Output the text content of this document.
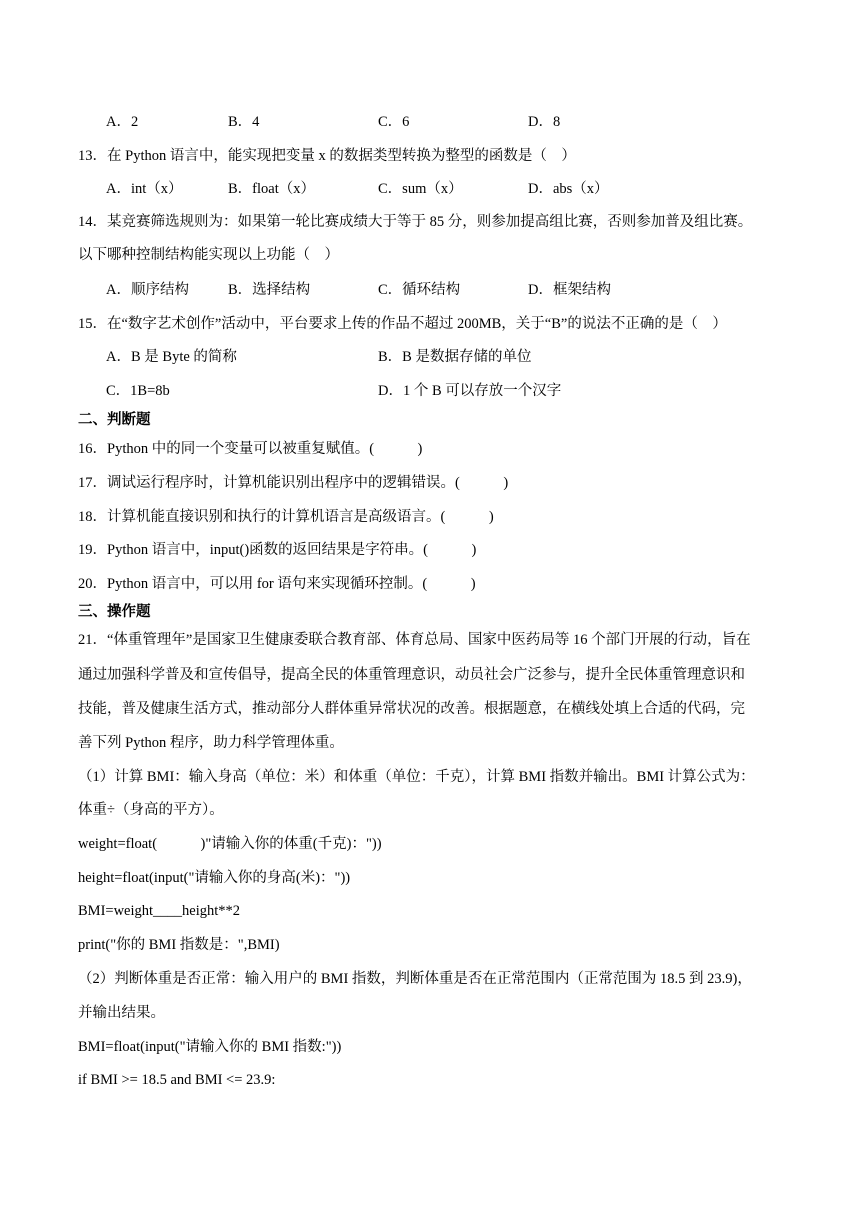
A．2	B．4	C．6	D．8
13．在 Python 语言中，能实现把变量 x 的数据类型转换为整型的函数是（　）
A．int（x）	B．float（x）	C．sum（x）	D．abs（x）
14．某竞赛筛选规则为：如果第一轮比赛成绩大于等于 85 分，则参加提高组比赛，否则参加普及组比赛。
以下哪种控制结构能实现以上功能（　）
A．顺序结构	B．选择结构	C．循环结构	D．框架结构
15．在“数字艺术创作”活动中，平台要求上传的作品不超过 200MB，关于“B”的说法不正确的是（　）
A．B 是 Byte 的简称	B．B 是数据存储的单位
C．1B=8b	D．1 个 B 可以存放一个汉字
二、判断题
16．Python 中的同一个变量可以被重复赋值。(　　　)
17．调试运行程序时，计算机能识别出程序中的逻辑错误。(　　　)
18．计算机能直接识别和执行的计算机语言是高级语言。(　　　)
19．Python 语言中，input()函数的返回结果是字符串。(　　　)
20．Python 语言中，可以用 for 语句来实现循环控制。(　　　)
三、操作题
21．“体重管理年”是国家卫生健康委联合教育部、体育总局、国家中医药局等 16 个部门开展的行动，旨在
通过加强科学普及和宣传倡导，提高全民的体重管理意识，动员社会广泛参与，提升全民体重管理意识和
技能，普及健康生活方式，推动部分人群体重异常状况的改善。根据题意，在横线处填上合适的代码，完
善下列 Python 程序，助力科学管理体重。
（1）计算 BMI：输入身高（单位：米）和体重（单位：千克），计算 BMI 指数并输出。BMI 计算公式为：
体重÷（身高的平方）。
weight=float(　　　)"请输入你的体重(千克)："))
height=float(input("请输入你的身高(米)："))
BMI=weight____height**2
print("你的 BMI 指数是：",BMI)
（2）判断体重是否正常：输入用户的 BMI 指数，判断体重是否在正常范围内（正常范围为 18.5 到 23.9)，
并输出结果。
BMI=float(input("请输入你的 BMI 指数:"))
if BMI >= 18.5 and BMI <= 23.9:
